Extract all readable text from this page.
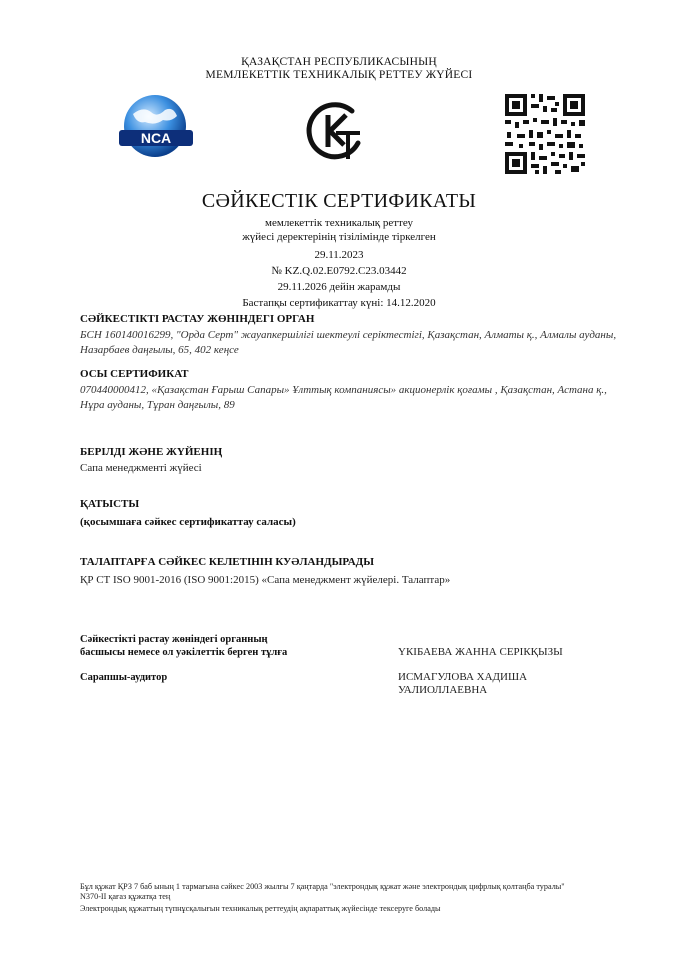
ҚАЗАҚСТАН РЕСПУБЛИКАСЫНЫҢ
МЕМЛЕКЕТТІК ТЕХНИКАЛЫҚ РЕТТЕУ ЖҮЙЕСІ
NCA
СӘЙКЕСТІК СЕРТИФИКАТЫ
мемлекеттік техникалық реттеу
жүйесі деректерінің тізілімінде тіркелген
29.11.2023
№ KZ.Q.02.E0792.C23.03442
29.11.2026 дейін жарамды
Бастапқы сертификаттау күні: 14.12.2020
СӘЙКЕСТІКТІ РАСТАУ ЖӨНІНДЕГІ ОРГАН
БСН 160140016299, "Орда Серт" жауапкершілігі шектеулі серіктестігі, Қазақстан, Алматы қ., Алмалы ауданы,
Назарбаев даңғылы, 65, 402 кеңсе
ОСЫ СЕРТИФИКАТ
070440000412, «Қазақстан Ғарыш Сапары» Ұлттық компаниясы» акционерлік қоғамы , Қазақстан, Астана қ.,
Нұра ауданы, Тұран даңғылы, 89
БЕРІЛДІ ЖӘНЕ ЖҮЙЕНІҢ
Сапа менеджменті жүйесі
ҚАТЫСТЫ
(қосымшаға сәйкес сертификаттау саласы)
ТАЛАПТАРҒА СӘЙКЕС КЕЛЕТІНІН КУӘЛАНДЫРАДЫ
ҚР СТ ISO 9001-2016 (ISO 9001:2015) «Сапа менеджмент жүйелері. Талаптар»
Сәйкестікті растау жөніндегі органның
басшысы немесе ол уәкілеттік берген тұлға	ҮКІБАЕВА ЖАННА СЕРІКҚЫЗЫ
Сарапшы-аудитор	ИСМАГУЛОВА ХАДИША
УАЛИОЛЛАЕВНА
Бұл құжат ҚРЗ 7 баб ының 1 тармағына сәйкес 2003 жылғы 7 қаңтарда "электрондық құжат және электрондық цифрлық қолтаңба туралы"
N370-II қағаз құжатқа тең
Электрондық құжаттың түпнұсқалығын техникалық реттеудің ақпараттық жүйесінде тексеруге болады
